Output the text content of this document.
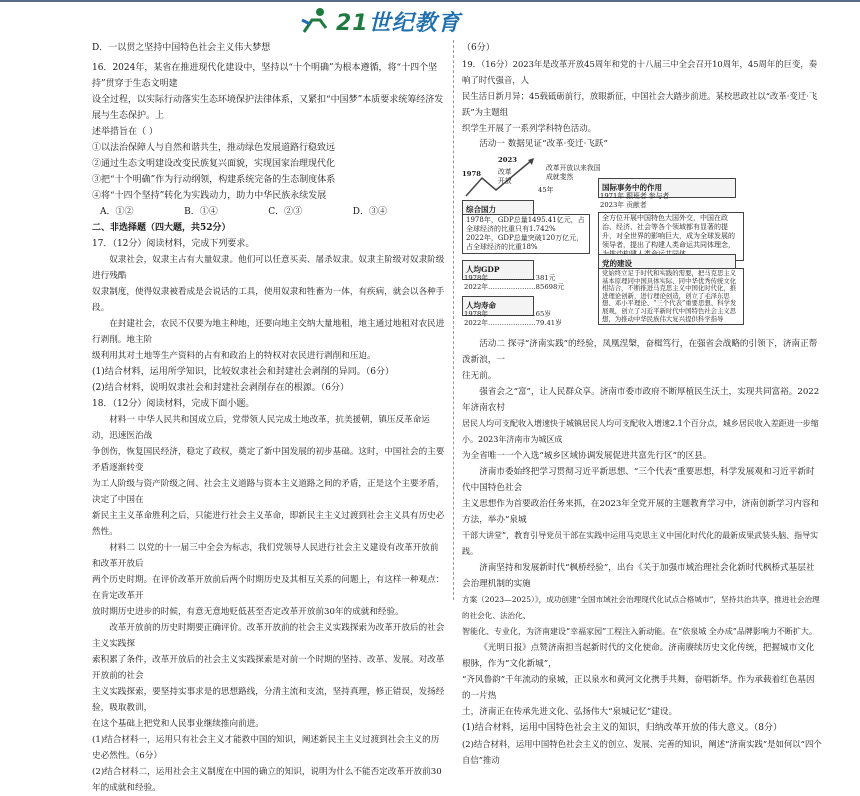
21世纪教育

D．一以贯之坚持中国特色社会主义伟大梦想

16．2024年，某省在推进现代化建设中，坚持以“十个明确”为根本遵循，将“十四个坚持”贯穿于生态文明建

设全过程，以实际行动落实生态环境保护法律体系，又紧扣“中国梦”本质要求统筹经济发展与生态保护。上

述举措旨在（ ）

①以法治保障人与自然和谐共生，推动绿色发展道路行稳致远

②通过生态文明建设改变民族复兴面貌，实现国家治理现代化

③把“十个明确”作为行动纲领，构建系统完备的生态制度体系

④将“十四个坚持”转化为实践动力，助力中华民族永续发展

A．①②	B．①④	C．②③	D．③④

二、非选择题（四大题，共52分）

17．（12分）阅读材料，完成下列要求。

奴隶社会，奴隶主占有大量奴隶。他们可以任意买卖、屠杀奴隶。奴隶主阶级对奴隶阶级进行残酷

奴隶制度，使得奴隶被看成是会说话的工具，使用奴隶和牲畜为一体，有疾病，就会以各种手段。

在封建社会，农民不仅要为地主种地，还要向地主交纳大量地租，地主通过地租对农民进行剥削。地主阶

级利用其对土地等生产资料的占有和政治上的特权对农民进行剥削和压迫。

(1)结合材料，运用所学知识，比较奴隶社会和封建社会剥削的异同。（6分）

(2)结合材料，说明奴隶社会和封建社会剥削存在的根源。（6分）

18．（12分）阅读材料，完成下面小题。

材料一 中华人民共和国成立后，党带领人民完成土地改革，抗美援朝，镇压反革命运动，迅速医治战

争创伤，恢复国民经济，稳定了政权，奠定了新中国发展的初步基础。这时，中国社会的主要矛盾逐渐转变

为工人阶级与资产阶级之间、社会主义道路与资本主义道路之间的矛盾，正是这个主要矛盾，决定了中国在

新民主主义革命胜利之后，只能进行社会主义革命，即新民主主义过渡到社会主义具有历史必然性。

材料二 以党的十一届三中全会为标志，我们党领导人民进行社会主义建设有改革开放前和改革开放后

两个历史时期。在评价改革开放前后两个时期历史及其相互关系的问题上，有这样一种观点：在肯定改革开

放时期历史进步的时候，有意无意地贬低甚至否定改革开放前30年的成就和经验。

改革开放前的历史时期要正确评价。改革开放前的社会主义实践探索为改革开放后的社会主义实践探

索积累了条件，改革开放后的社会主义实践探索是对前一个时期的坚持、改革、发展。对改革开放前的社会

主义实践探索，要坚持实事求是的思想路线，分清主流和支流，坚持真理，修正错误，发扬经验，吸取教训，

在这个基础上把党和人民事业继续推向前进。

(1)结合材料一，运用只有社会主义才能救中国的知识，阐述新民主主义过渡到社会主义的历史必然性。（6分）

(2)结合材料二，运用社会主义制度在中国的确立的知识，说明为什么不能否定改革开放前30年的成就和经验。

（6分）

19．（16分）2023年是改革开放45周年和党的十八届三中全会召开10周年，45周年的巨变，奏响了时代强音，人

民生活日新月异；45载砥砺前行，放眼新征，中国社会大踏步前进。某校思政社以“改革·变迁·飞跃”为主题组

织学生开展了一系列学科特色活动。

活动一 数据见证“改革·变迁·飞跃”

2023
1978	改革开放
45年
改革开放以来我国成就斐然
综合国力
1978年，GDP总量1495.41亿元，占全球经济的比重只有1.742%
2022年，GDP总量突破120万亿元，占全球经济的比重18%
人均GDP
1978年…………………381元
2022年…………………85698元
人均寿命
1978年…………………65岁
2022年…………………79.41岁
国际事务中的作用
1971年 跟班者 参与者
2023年 贡献者
全方位开展中国特色大国外交，中国在政治、经济、社会等各个领域都有显著的提升，对全世界的影响巨大，成为全球发展的领导者，提出了构建人类命运共同体理念，
党的建设
党始终立足于时代和实践的需要，把马克思主义基本原理同中国具体实际、同中华优秀传统文化相结合，不断推进马克思主义中国化时代化，推进理论创新，进行理论创造，创立了毛泽东思想、邓小平理论、“三个代表”重要思想、科学发展观，创立了习近平新时代中国特色社会主义思想，为推动中华民族伟大复兴提供科学指导

活动二 探寻“济南实践”的经验，凤凰涅槃，奋楫笃行，在强省会战略的引领下，济南正帮泼新浪，一

往无前。

强省会之“富”，让人民群众享。济南市委市政府不断厚植民生沃土，实现共同富裕。2022年济南农村

居民人均可支配收入增速快于城镇居民人均可支配收入增速2.1个百分点，城乡居民收入差距进一步缩小。2023年济南市为城区成

为全省唯一一个入选“城乡区域协调发展促进共富先行区”的区县。

济南市委始终把学习贯彻习近平新思想、“三个代表”重要思想，科学发展观和习近平新时代中国特色社会

主义思想作为首要政治任务来抓，在2023年全党开展的主题教育学习中，济南创新学习内容和方法，举办“泉城

干部大讲堂”，教育引导党员干部在实践中运用马克思主义中国化时代化的最新成果武装头脑、指导实践。

济南坚持和发展新时代“枫桥经验”，出台《关于加强市域治理社会化新时代枫桥式基层社会治理机制的实施

方案（2023—2025）》，成功创建“全国市域社会治理现代化试点合格城市”，坚持共治共享，推进社会治理的社会化、法治化、

智能化、专业化，为济南建设“幸福家园”工程注入新动能。在“依泉城 全办成”品牌影响力不断扩大。

《光明日报》点赞济南担当起新时代的文化使命。济南赓续历史文化传统，把握城市文化根脉，作为“文化新城”，

“齐风鲁韵”千年流动的泉城，正以泉水和黄河文化携手共舞，奋唱新华。作为承载着红色基因的一片热

土，济南正在传承先进文化、弘扬伟大“泉城记忆”建设。

(1)结合材料，运用中国特色社会主义的知识，归纳改革开放的伟大意义。（8分）

(2)结合材料，运用中国特色社会主义的创立、发展、完善的知识，阐述“济南实践”是如何以“四个自信”推动
